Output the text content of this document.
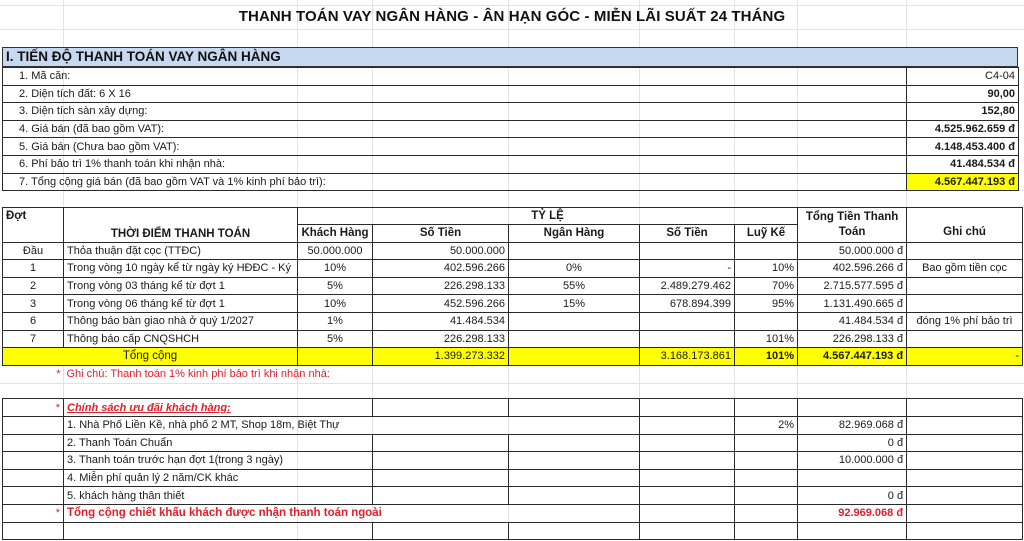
THANH TOÁN VAY NGÂN HÀNG - ÂN HẠN GÓC - MIỄN LÃI SUẤT 24 THÁNG
I. TIẾN ĐỘ THANH TOÁN VAY NGÂN HÀNG
1. Mã căn:	C4-04
2. Diện tích đất: 6 X 16	90,00
3. Diện tích sàn xây dựng:	152,80
4. Giá bán (đã bao gồm VAT):	4.525.962.659 đ
5. Giá bán (Chưa bao gồm VAT):	4.148.453.400 đ
6. Phí bảo trì 1% thanh toán khi nhận nhà:	41.484.534 đ
7. Tổng cộng giá bán (đã bao gồm VAT và 1% kinh phí bảo trì):	4.567.447.193 đ
Đợt	THỜI ĐIỂM THANH TOÁN	TỶ LỆ					Tổng Tiền Thanh Toán	Ghi chú
		Khách Hàng	Số Tiền	Ngân Hàng	Số Tiền	Luỹ Kế		
Đầu	Thỏa thuận đặt cọc (TTĐC)	50.000.000	50.000.000				50.000.000 đ	
1	Trong vòng 10 ngày kể từ ngày ký HĐĐC - Ký	10%	402.596.266	0%	-	10%	402.596.266 đ	Bao gồm tiền cọc
2	Trong vòng 03 tháng kể từ đợt 1	5%	226.298.133	55%	2.489.279.462	70%	2.715.577.595 đ	
3	Trong vòng 06 tháng kể từ đợt 1	10%	452.596.266	15%	678.894.399	95%	1.131.490.665 đ	
6	Thông báo bàn giao nhà ở quý 1/2027	1%	41.484.534				41.484.534 đ	đóng 1% phí bảo trì
7	Thông báo cấp CNQSHCH	5%	226.298.133			101%	226.298.133 đ	
Tổng cộng			1.399.273.332		3.168.173.861	101%	4.567.447.193 đ	-
*	Ghi chú: Thanh toán 1% kinh phí bảo trì khi nhận nhà:							

*	Chính sách ưu đãi khách hàng:							
	1. Nhà Phố Liền Kề, nhà phố 2 MT, Shop 18m, Biệt Thự					2%	82.969.068 đ	
	2. Thanh Toán Chuẩn						0 đ	
	3. Thanh toán trước hạn đợt 1(trong 3 ngày)						10.000.000 đ	
	4. Miễn phí quản lý 2 năm/CK khác							
	5. khách hàng thân thiết						0 đ	
*	Tổng cộng chiết khấu khách được nhận thanh toán ngoài						92.969.068 đ	
